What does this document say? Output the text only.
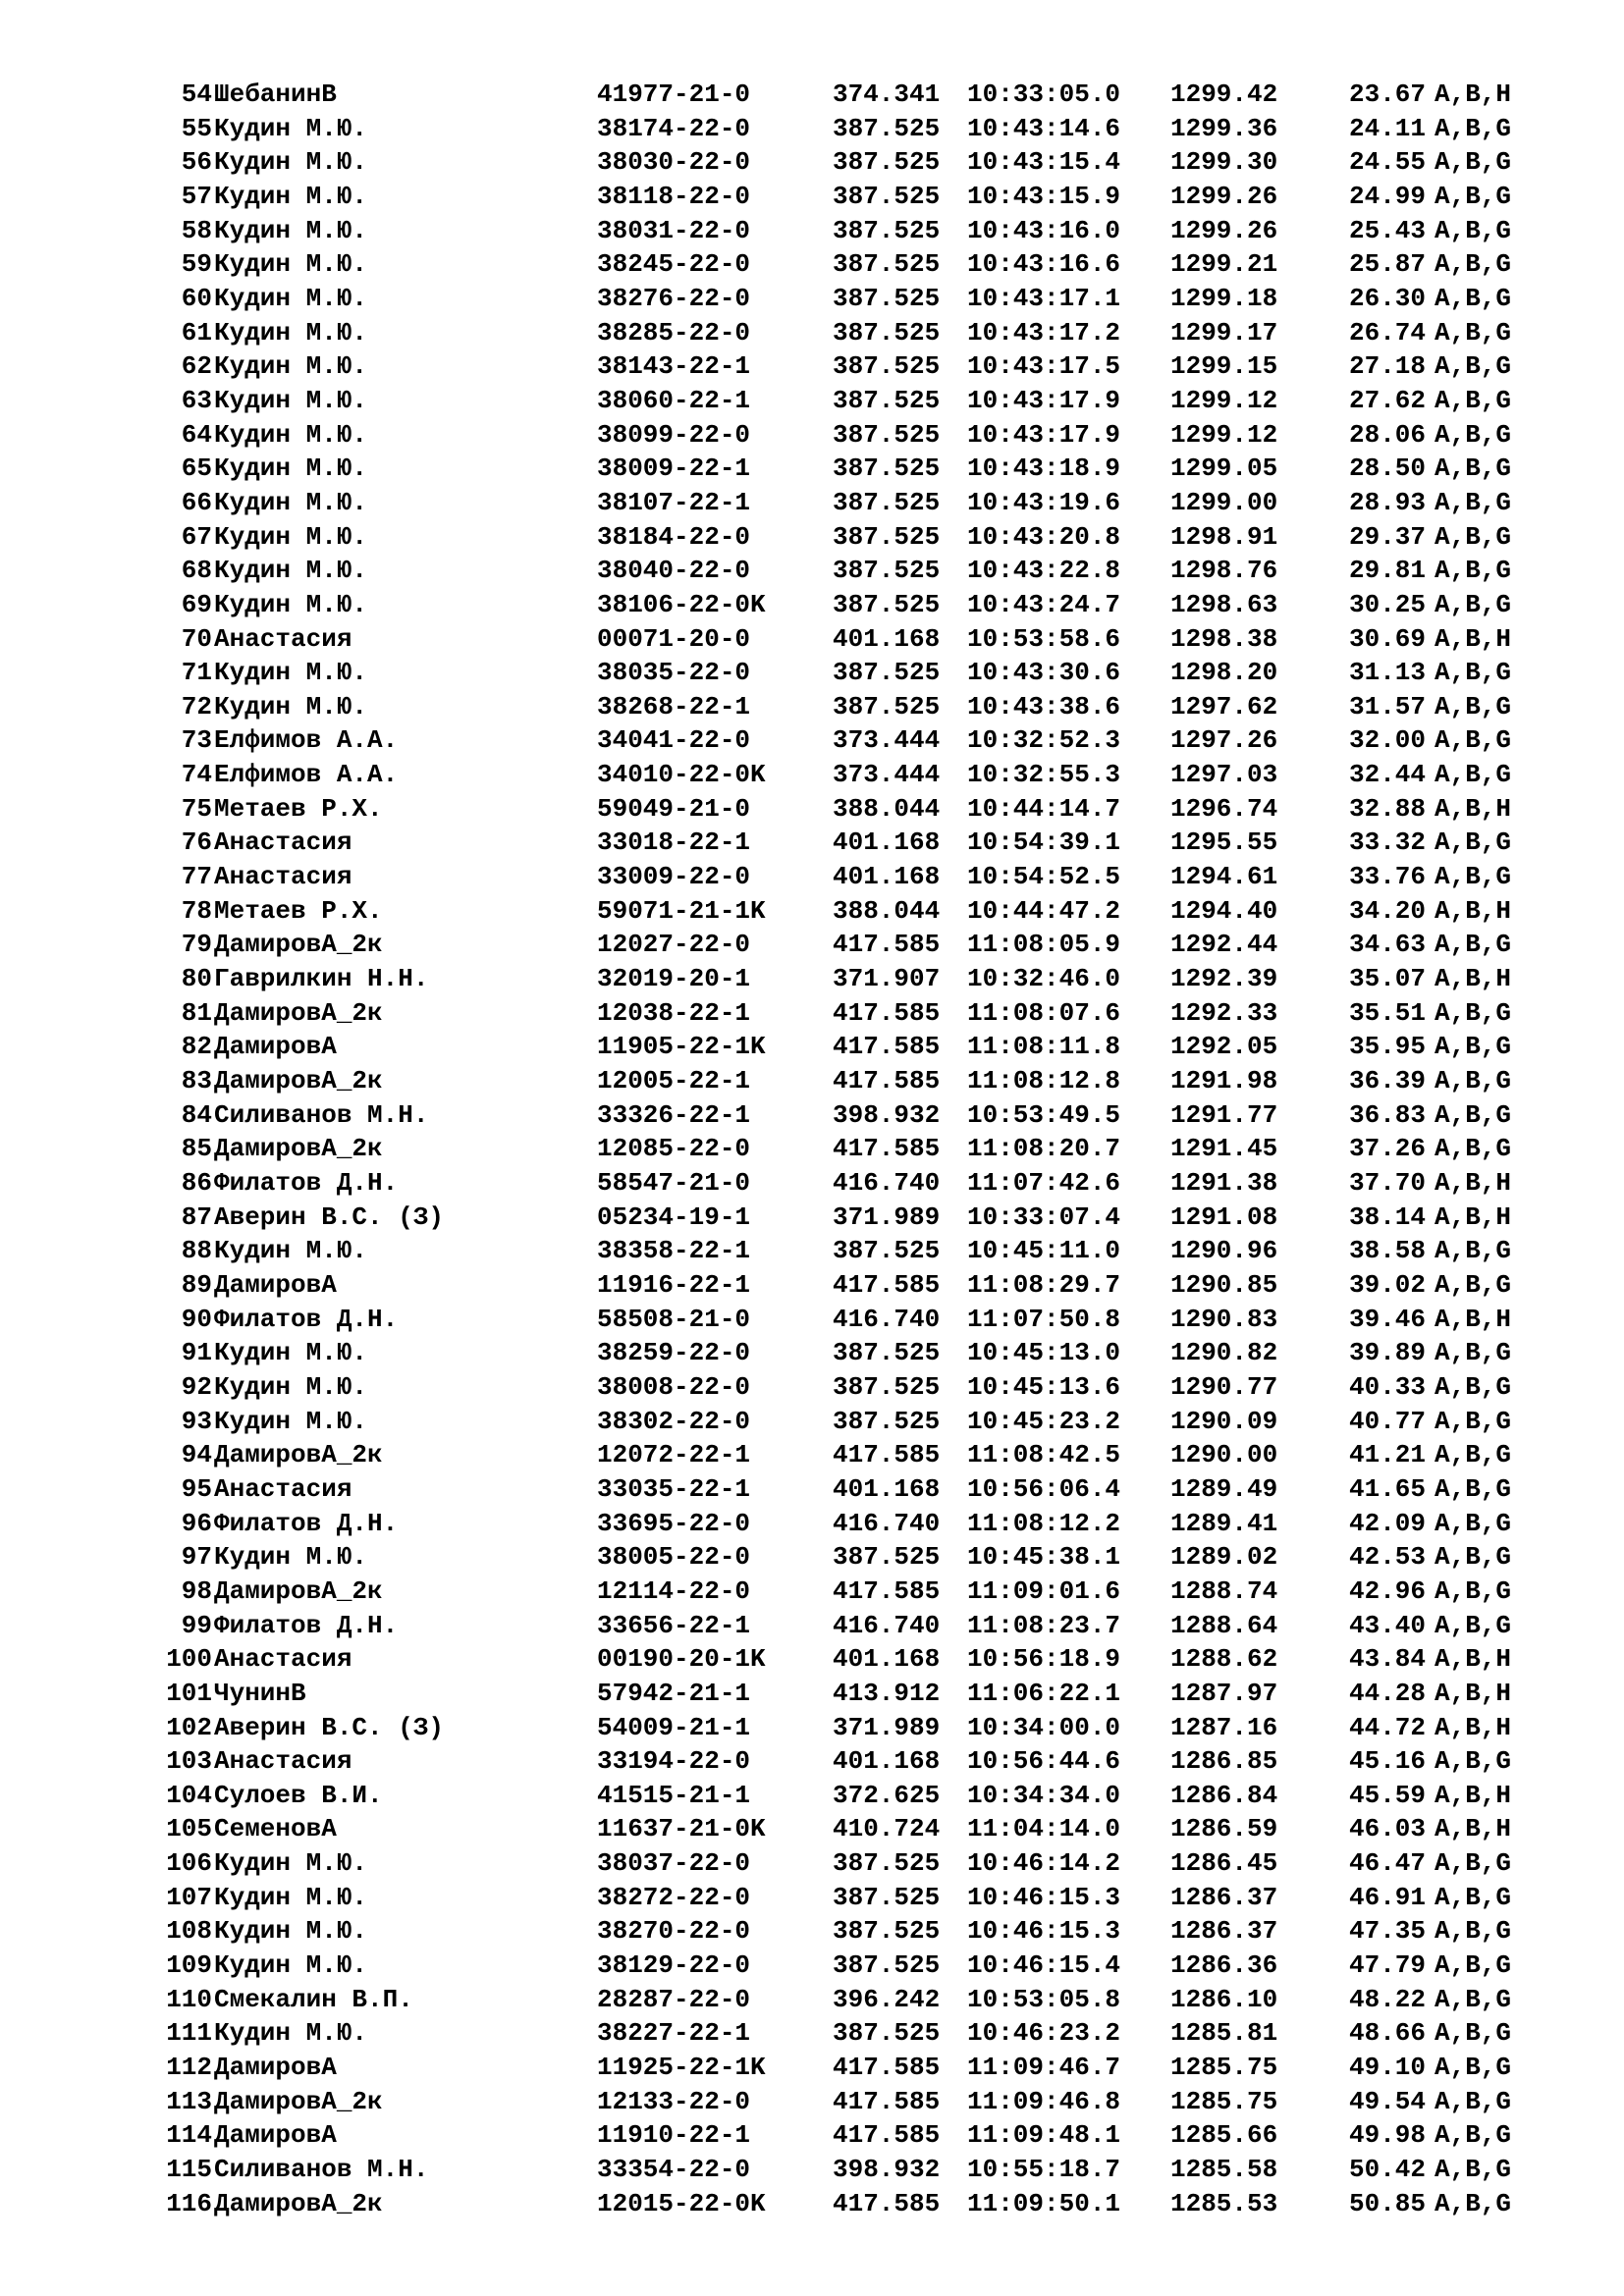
54 ШебанинВ	41977-21-0	374.341 10:33:05.0 1299.42	23.67 A,B,H
55 Кудин М.Ю.	38174-22-0	387.525 10:43:14.6 1299.36	24.11 A,B,G
56 Кудин М.Ю.	38030-22-0	387.525 10:43:15.4 1299.30	24.55 A,B,G
57 Кудин М.Ю.	38118-22-0	387.525 10:43:15.9 1299.26	24.99 A,B,G
58 Кудин М.Ю.	38031-22-0	387.525 10:43:16.0 1299.26	25.43 A,B,G
59 Кудин М.Ю.	38245-22-0	387.525 10:43:16.6 1299.21	25.87 A,B,G
60 Кудин М.Ю.	38276-22-0	387.525 10:43:17.1 1299.18	26.30 A,B,G
61 Кудин М.Ю.	38285-22-0	387.525 10:43:17.2 1299.17	26.74 A,B,G
62 Кудин М.Ю.	38143-22-1	387.525 10:43:17.5 1299.15	27.18 A,B,G
63 Кудин М.Ю.	38060-22-1	387.525 10:43:17.9 1299.12	27.62 A,B,G
64 Кудин М.Ю.	38099-22-0	387.525 10:43:17.9 1299.12	28.06 A,B,G
65 Кудин М.Ю.	38009-22-1	387.525 10:43:18.9 1299.05	28.50 A,B,G
66 Кудин М.Ю.	38107-22-1	387.525 10:43:19.6 1299.00	28.93 A,B,G
67 Кудин М.Ю.	38184-22-0	387.525 10:43:20.8 1298.91	29.37 A,B,G
68 Кудин М.Ю.	38040-22-0	387.525 10:43:22.8 1298.76	29.81 A,B,G
69 Кудин М.Ю.	38106-22-0K	387.525 10:43:24.7 1298.63	30.25 A,B,G
70 Анастасия	00071-20-0	401.168 10:53:58.6 1298.38	30.69 A,B,H
71 Кудин М.Ю.	38035-22-0	387.525 10:43:30.6 1298.20	31.13 A,B,G
72 Кудин М.Ю.	38268-22-1	387.525 10:43:38.6 1297.62	31.57 A,B,G
73 Елфимов А.А.	34041-22-0	373.444 10:32:52.3 1297.26	32.00 A,B,G
74 Елфимов А.А.	34010-22-0K	373.444 10:32:55.3 1297.03	32.44 A,B,G
75 Метаев Р.Х.	59049-21-0	388.044 10:44:14.7 1296.74	32.88 A,B,H
76 Анастасия	33018-22-1	401.168 10:54:39.1 1295.55	33.32 A,B,G
77 Анастасия	33009-22-0	401.168 10:54:52.5 1294.61	33.76 A,B,G
78 Метаев Р.Х.	59071-21-1K	388.044 10:44:47.2 1294.40	34.20 A,B,H
79 ДамировА_2к	12027-22-0	417.585 11:08:05.9 1292.44	34.63 A,B,G
80 Гаврилкин Н.Н.	32019-20-1	371.907 10:32:46.0 1292.39	35.07 A,B,H
81 ДамировА_2к	12038-22-1	417.585 11:08:07.6 1292.33	35.51 A,B,G
82 ДамировА	11905-22-1K	417.585 11:08:11.8 1292.05	35.95 A,B,G
83 ДамировА_2к	12005-22-1	417.585 11:08:12.8 1291.98	36.39 A,B,G
84 Силиванов М.Н.	33326-22-1	398.932 10:53:49.5 1291.77	36.83 A,B,G
85 ДамировА_2к	12085-22-0	417.585 11:08:20.7 1291.45	37.26 A,B,G
86 Филатов Д.Н.	58547-21-0	416.740 11:07:42.6 1291.38	37.70 A,B,H
87 Аверин В.С. (З)	05234-19-1	371.989 10:33:07.4 1291.08	38.14 A,B,H
88 Кудин М.Ю.	38358-22-1	387.525 10:45:11.0 1290.96	38.58 A,B,G
89 ДамировА	11916-22-1	417.585 11:08:29.7 1290.85	39.02 A,B,G
90 Филатов Д.Н.	58508-21-0	416.740 11:07:50.8 1290.83	39.46 A,B,H
91 Кудин М.Ю.	38259-22-0	387.525 10:45:13.0 1290.82	39.89 A,B,G
92 Кудин М.Ю.	38008-22-0	387.525 10:45:13.6 1290.77	40.33 A,B,G
93 Кудин М.Ю.	38302-22-0	387.525 10:45:23.2 1290.09	40.77 A,B,G
94 ДамировА_2к	12072-22-1	417.585 11:08:42.5 1290.00	41.21 A,B,G
95 Анастасия	33035-22-1	401.168 10:56:06.4 1289.49	41.65 A,B,G
96 Филатов Д.Н.	33695-22-0	416.740 11:08:12.2 1289.41	42.09 A,B,G
97 Кудин М.Ю.	38005-22-0	387.525 10:45:38.1 1289.02	42.53 A,B,G
98 ДамировА_2к	12114-22-0	417.585 11:09:01.6 1288.74	42.96 A,B,G
99 Филатов Д.Н.	33656-22-1	416.740 11:08:23.7 1288.64	43.40 A,B,G
100 Анастасия	00190-20-1K	401.168 10:56:18.9 1288.62	43.84 A,B,H
101 ЧунинВ	57942-21-1	413.912 11:06:22.1 1287.97	44.28 A,B,H
102 Аверин В.С. (З)	54009-21-1	371.989 10:34:00.0 1287.16	44.72 A,B,H
103 Анастасия	33194-22-0	401.168 10:56:44.6 1286.85	45.16 A,B,G
104 Сулоев В.И.	41515-21-1	372.625 10:34:34.0 1286.84	45.59 A,B,H
105 СеменовА	11637-21-0K	410.724 11:04:14.0 1286.59	46.03 A,B,H
106 Кудин М.Ю.	38037-22-0	387.525 10:46:14.2 1286.45	46.47 A,B,G
107 Кудин М.Ю.	38272-22-0	387.525 10:46:15.3 1286.37	46.91 A,B,G
108 Кудин М.Ю.	38270-22-0	387.525 10:46:15.3 1286.37	47.35 A,B,G
109 Кудин М.Ю.	38129-22-0	387.525 10:46:15.4 1286.36	47.79 A,B,G
110 Смекалин В.П.	28287-22-0	396.242 10:53:05.8 1286.10	48.22 A,B,G
111 Кудин М.Ю.	38227-22-1	387.525 10:46:23.2 1285.81	48.66 A,B,G
112 ДамировА	11925-22-1K	417.585 11:09:46.7 1285.75	49.10 A,B,G
113 ДамировА_2к	12133-22-0	417.585 11:09:46.8 1285.75	49.54 A,B,G
114 ДамировА	11910-22-1	417.585 11:09:48.1 1285.66	49.98 A,B,G
115 Силиванов М.Н.	33354-22-0	398.932 10:55:18.7 1285.58	50.42 A,B,G
116 ДамировА_2к	12015-22-0K	417.585 11:09:50.1 1285.53	50.85 A,B,G
